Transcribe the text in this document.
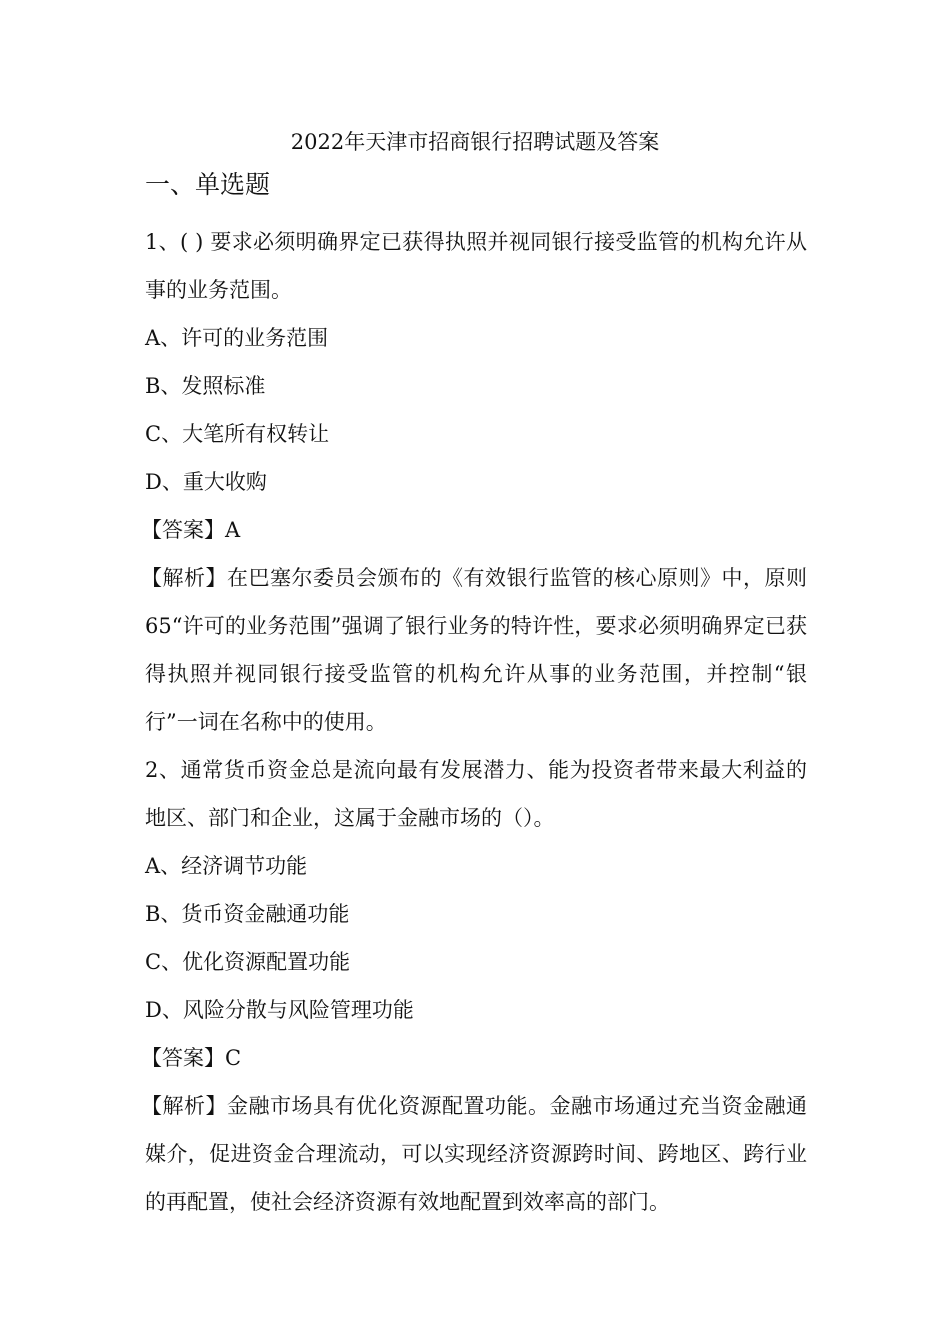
2022年天津市招商银行招聘试题及答案
一、单选题

1、( ) 要求必须明确界定已获得执照并视同银行接受监管的机构允许从事的业务范围。

A、许可的业务范围

B、发照标准

C、大笔所有权转让

D、重大收购

【答案】A

【解析】在巴塞尔委员会颁布的《有效银行监管的核心原则》中，原则 65“许可的业务范围”强调了银行业务的特许性，要求必须明确界定已获得执照并视同银行接受监管的机构允许从事的业务范围，并控制“银行”一词在名称中的使用。

2、通常货币资金总是流向最有发展潜力、能为投资者带来最大利益的地区、部门和企业，这属于金融市场的（）。

A、经济调节功能

B、货币资金融通功能

C、优化资源配置功能

D、风险分散与风险管理功能

【答案】C

【解析】金融市场具有优化资源配置功能。金融市场通过充当资金融通媒介，促进资金合理流动，可以实现经济资源跨时间、跨地区、跨行业的再配置，使社会经济资源有效地配置到效率高的部门。
